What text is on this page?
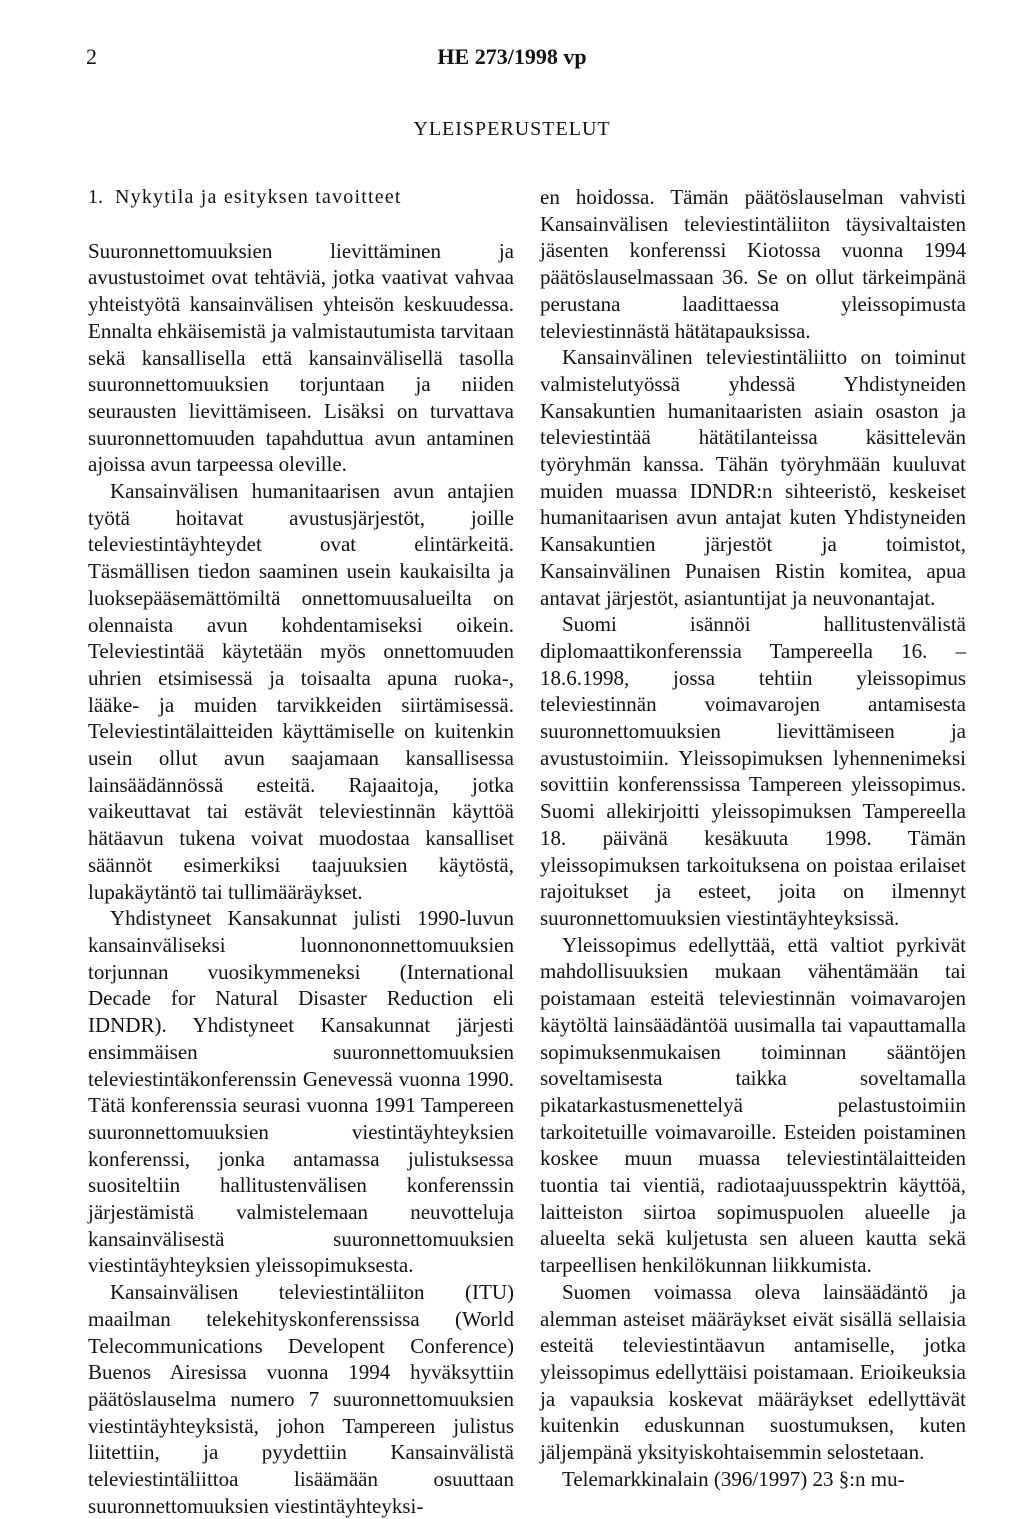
2	HE 273/1998 vp
YLEISPERUSTELUT
1. Nykytila ja esityksen tavoitteet

Suuronnettomuuksien lievittäminen ja avustustoimet ovat tehtäviä, jotka vaativat vahvaa yhteistyötä kansainvälisen yhteisön keskuudessa. Ennalta ehkäisemistä ja valmistautumista tarvitaan sekä kansallisella että kansainvälisellä tasolla suuronnettomuuksien torjuntaan ja niiden seurausten lievittämiseen. Lisäksi on turvattava suuronnettomuuden tapahduttua avun antaminen ajoissa avun tarpeessa oleville.

Kansainvälisen humanitaarisen avun antajien työtä hoitavat avustusjärjestöt, joille televiestintäyhteydet ovat elintärkeitä. Täsmällisen tiedon saaminen usein kaukaisilta ja luoksepääsemättömiltä onnettomuusalueilta on olennaista avun kohdentamiseksi oikein. Televiestintää käytetään myös onnettomuuden uhrien etsimisessä ja toisaalta apuna ruoka-, lääke- ja muiden tarvikkeiden siirtämisessä. Televiestintälaitteiden käyttämiselle on kuitenkin usein ollut avun saajamaan kansallisessa lainsäädännössä esteitä. Rajaaitoja, jotka vaikeuttavat tai estävät televiestinnän käyttöä hätäavun tukena voivat muodostaa kansalliset säännöt esimerkiksi taajuuksien käytöstä, lupakäytäntö tai tullimääräykset.

Yhdistyneet Kansakunnat julisti 1990-luvun kansainväliseksi luonnononnettomuuksien torjunnan vuosikymmeneksi (International Decade for Natural Disaster Reduction eli IDNDR). Yhdistyneet Kansakunnat järjesti ensimmäisen suuronnettomuuksien televiestintäkonferenssin Genevessä vuonna 1990. Tätä konferenssia seurasi vuonna 1991 Tampereen suuronnettomuuksien viestintäyhteyksien konferenssi, jonka antamassa julistuksessa suositeltiin hallitustenvälisen konferenssin järjestämistä valmistelemaan neuvotteluja kansainvälisestä suuronnettomuuksien viestintäyhteyksien yleissopimuksesta.

Kansainvälisen televiestintäliiton (ITU) maailman telekehityskonferenssissa (World Telecommunications Developent Conference) Buenos Airesissa vuonna 1994 hyväksyttiin päätöslauselma numero 7 suuronnettomuuksien viestintäyhteyksistä, johon Tampereen julistus liitettiin, ja pyydettiin Kansainvälistä televiestintäliittoa lisäämään osuuttaan suuronnettomuuksien viestintäyhteyksi-

en hoidossa. Tämän päätöslauselman vahvisti Kansainvälisen televiestintäliiton täysivaltaisten jäsenten konferenssi Kiotossa vuonna 1994 päätöslauselmassaan 36. Se on ollut tärkeimpänä perustana laadittaessa yleissopimusta televiestinnästä hätätapauksissa.

Kansainvälinen televiestintäliitto on toiminut valmistelutyössä yhdessä Yhdistyneiden Kansakuntien humanitaaristen asiain osaston ja televiestintää hätätilanteissa käsittelevän työryhmän kanssa. Tähän työryhmään kuuluvat muiden muassa IDNDR:n sihteeristö, keskeiset humanitaarisen avun antajat kuten Yhdistyneiden Kansakuntien järjestöt ja toimistot, Kansainvälinen Punaisen Ristin komitea, apua antavat järjestöt, asiantuntijat ja neuvonantajat.

Suomi isännöi hallitustenvälistä diplomaattikonferenssia Tampereella 16. – 18.6.1998, jossa tehtiin yleissopimus televiestinnän voimavarojen antamisesta suuronnettomuuksien lievittämiseen ja avustustoimiin. Yleissopimuksen lyhennenimeksi sovittiin konferenssissa Tampereen yleissopimus. Suomi allekirjoitti yleissopimuksen Tampereella 18. päivänä kesäkuuta 1998. Tämän yleissopimuksen tarkoituksena on poistaa erilaiset rajoitukset ja esteet, joita on ilmennyt suuronnettomuuksien viestintäyhteyksissä.

Yleissopimus edellyttää, että valtiot pyrkivät mahdollisuuksien mukaan vähentämään tai poistamaan esteitä televiestinnän voimavarojen käytöltä lainsäädäntöä uusimalla tai vapauttamalla sopimuksenmukaisen toiminnan sääntöjen soveltamisesta taikka soveltamalla pikatarkastusmenettelyä pelastustoimiin tarkoitetuille voimavaroille. Esteiden poistaminen koskee muun muassa televiestintälaitteiden tuontia tai vientiä, radiotaajuusspektrin käyttöä, laitteiston siirtoa sopimuspuolen alueelle ja alueelta sekä kuljetusta sen alueen kautta sekä tarpeellisen henkilökunnan liikkumista.

Suomen voimassa oleva lainsäädäntö ja alemman asteiset määräykset eivät sisällä sellaisia esteitä televiestintäavun antamiselle, jotka yleissopimus edellyttäisi poistamaan. Erioikeuksia ja vapauksia koskevat määräykset edellyttävät kuitenkin eduskunnan suostumuksen, kuten jäljempänä yksityiskohtaisemmin selostetaan.

Telemarkkinalain (396/1997) 23 §:n mu-
